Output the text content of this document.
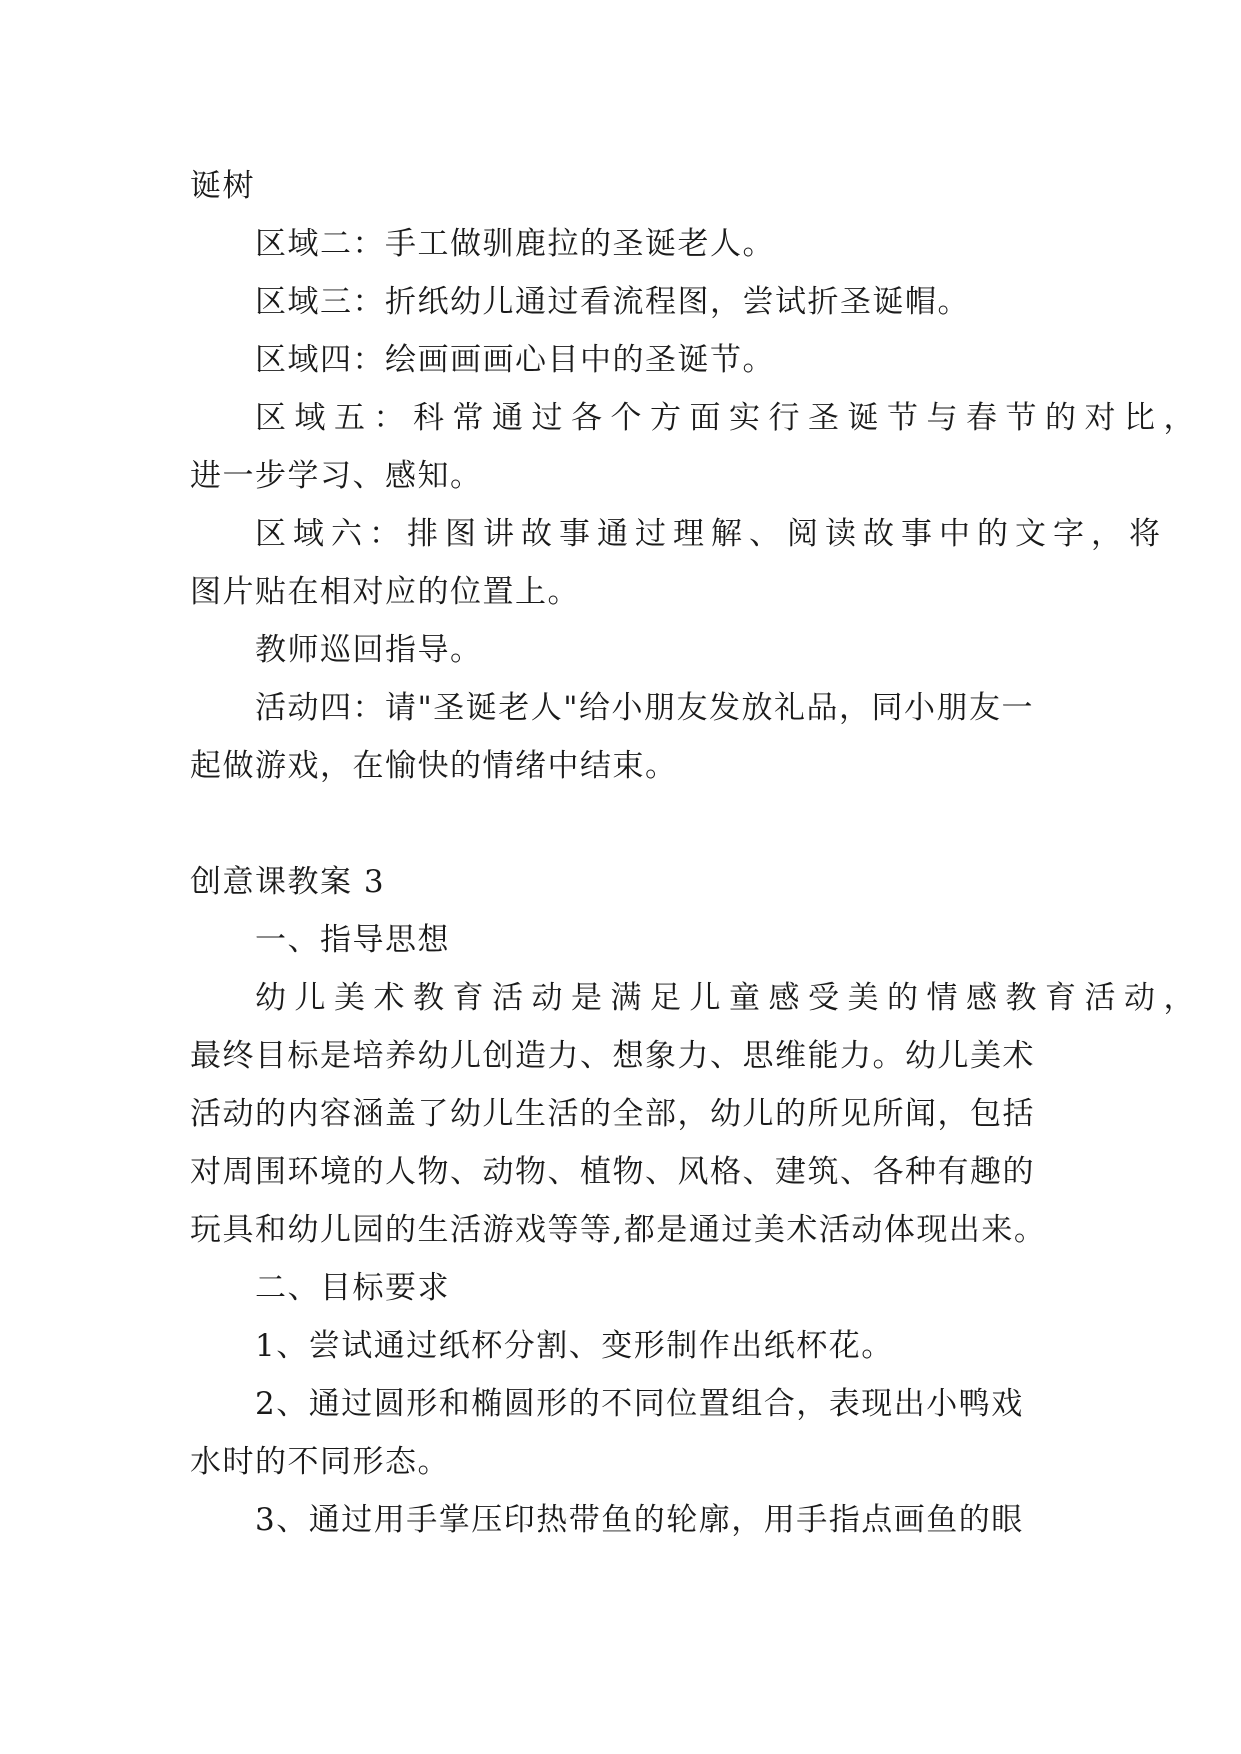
诞树
区域二：手工做驯鹿拉的圣诞老人。
区域三：折纸幼儿通过看流程图，尝试折圣诞帽。
区域四：绘画画画心目中的圣诞节。
区域五：科常通过各个方面实行圣诞节与春节的对比，
进一步学习、感知。
区域六：排图讲故事通过理解、阅读故事中的文字，将
图片贴在相对应的位置上。
教师巡回指导。
活动四：请"圣诞老人"给小朋友发放礼品，同小朋友一
起做游戏，在愉快的情绪中结束。
创意课教案 3
一、指导思想
幼儿美术教育活动是满足儿童感受美的情感教育活动，
最终目标是培养幼儿创造力、想象力、思维能力。幼儿美术
活动的内容涵盖了幼儿生活的全部，幼儿的所见所闻，包括
对周围环境的人物、动物、植物、风格、建筑、各种有趣的
玩具和幼儿园的生活游戏等等,都是通过美术活动体现出来。
二、目标要求
1、尝试通过纸杯分割、变形制作出纸杯花。
2、通过圆形和椭圆形的不同位置组合，表现出小鸭戏
水时的不同形态。
3、通过用手掌压印热带鱼的轮廓，用手指点画鱼的眼
